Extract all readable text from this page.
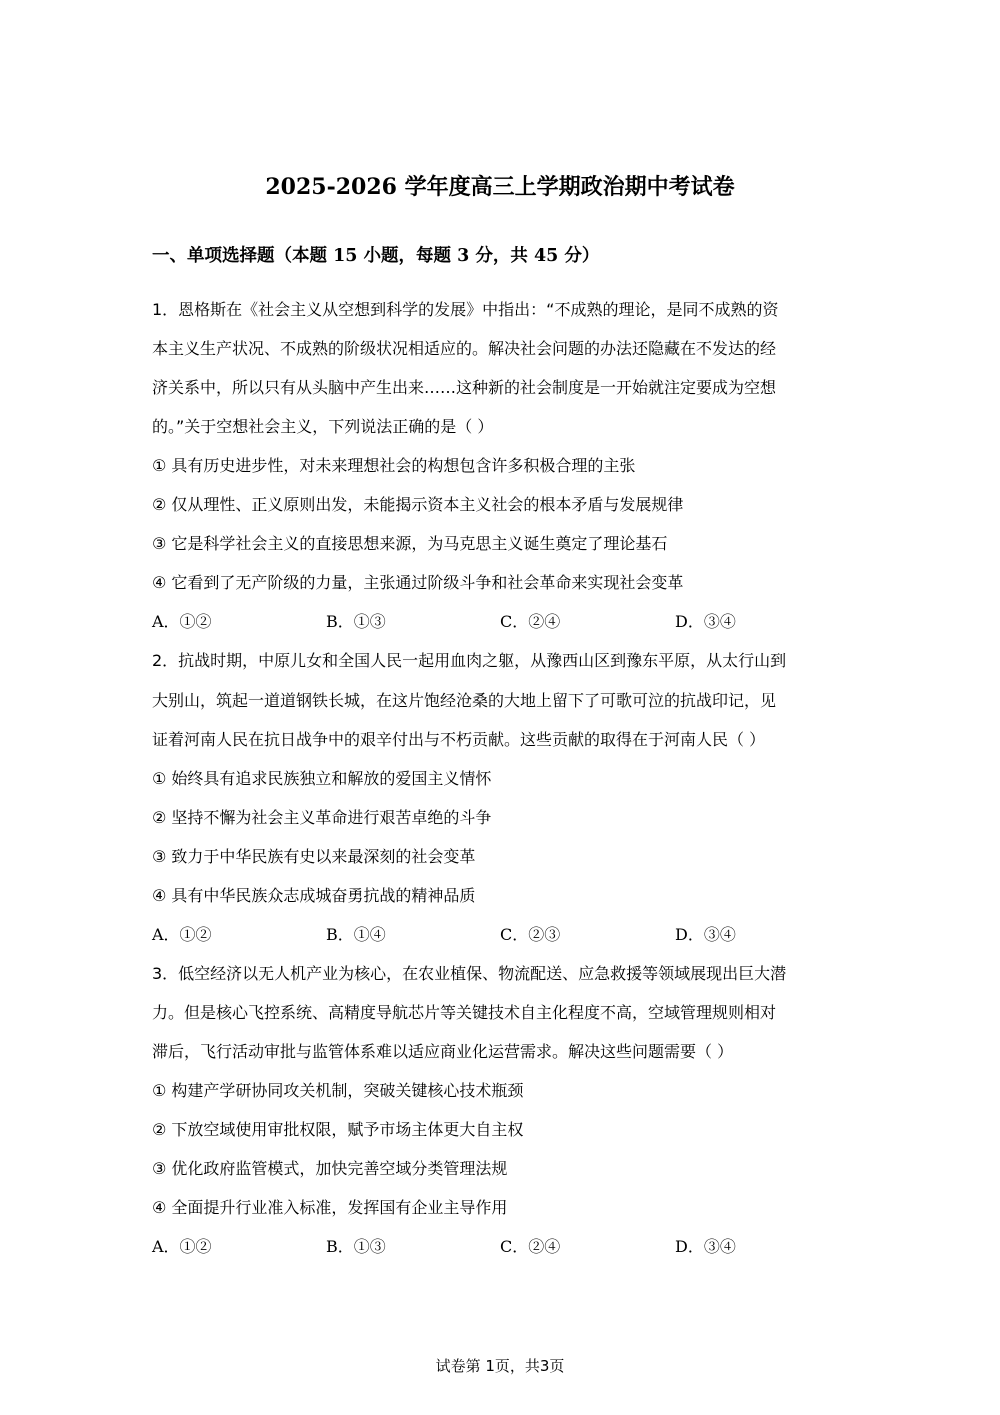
2025-2026 学年度高三上学期政治期中考试卷
一、单项选择题（本题 15 小题，每题 3 分，共 45 分）
1．恩格斯在《社会主义从空想到科学的发展》中指出：“不成熟的理论，是同不成熟的资
本主义生产状况、不成熟的阶级状况相适应的。解决社会问题的办法还隐藏在不发达的经
济关系中，所以只有从头脑中产生出来……这种新的社会制度是一开始就注定要成为空想
的。”关于空想社会主义，下列说法正确的是（ ）
① 具有历史进步性，对未来理想社会的构想包含许多积极合理的主张
② 仅从理性、正义原则出发，未能揭示资本主义社会的根本矛盾与发展规律
③ 它是科学社会主义的直接思想来源，为马克思主义诞生奠定了理论基石
④ 它看到了无产阶级的力量，主张通过阶级斗争和社会革命来实现社会变革
A．①②	B．①③	C．②④	D．③④
2．抗战时期，中原儿女和全国人民一起用血肉之躯，从豫西山区到豫东平原，从太行山到
大别山，筑起一道道钢铁长城，在这片饱经沧桑的大地上留下了可歌可泣的抗战印记，见
证着河南人民在抗日战争中的艰辛付出与不朽贡献。这些贡献的取得在于河南人民（ ）
① 始终具有追求民族独立和解放的爱国主义情怀
② 坚持不懈为社会主义革命进行艰苦卓绝的斗争
③ 致力于中华民族有史以来最深刻的社会变革
④ 具有中华民族众志成城奋勇抗战的精神品质
A．①②	B．①④	C．②③	D．③④
3．低空经济以无人机产业为核心，在农业植保、物流配送、应急救援等领域展现出巨大潜
力。但是核心飞控系统、高精度导航芯片等关键技术自主化程度不高，空域管理规则相对
滞后，飞行活动审批与监管体系难以适应商业化运营需求。解决这些问题需要（ ）
① 构建产学研协同攻关机制，突破关键核心技术瓶颈
② 下放空域使用审批权限，赋予市场主体更大自主权
③ 优化政府监管模式，加快完善空域分类管理法规
④ 全面提升行业准入标准，发挥国有企业主导作用
A．①②	B．①③	C．②④	D．③④
试卷第 1页，共3页
